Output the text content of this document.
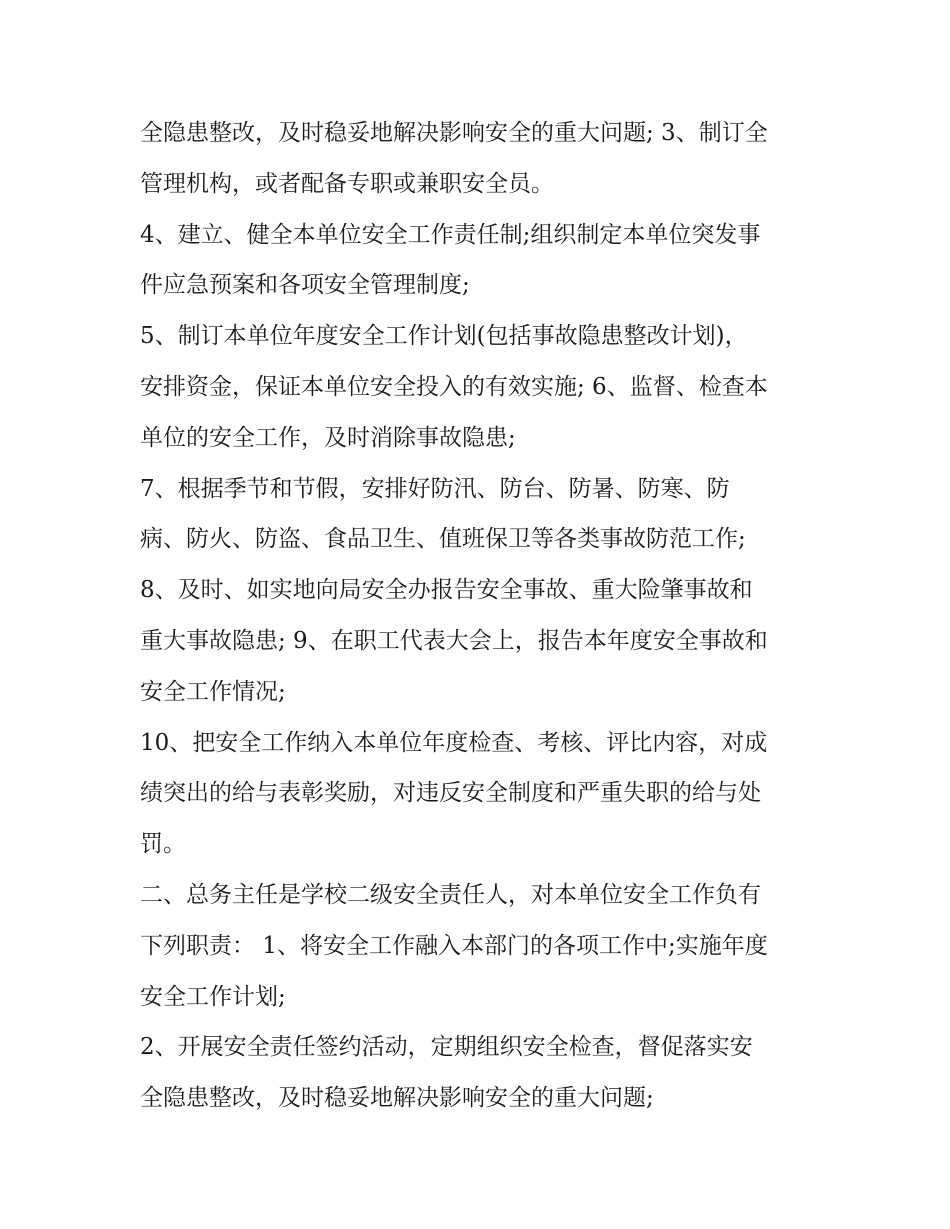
全隐患整改，及时稳妥地解决影响安全的重大问题; 3、制订全
管理机构，或者配备专职或兼职安全员。
4、建立、健全本单位安全工作责任制;组织制定本单位突发事
件应急预案和各项安全管理制度;
5、制订本单位年度安全工作计划(包括事故隐患整改计划)，
安排资金，保证本单位安全投入的有效实施; 6、监督、检查本
单位的安全工作，及时消除事故隐患;
7、根据季节和节假，安排好防汛、防台、防暑、防寒、防
病、防火、防盗、食品卫生、值班保卫等各类事故防范工作;
8、及时、如实地向局安全办报告安全事故、重大险肇事故和
重大事故隐患; 9、在职工代表大会上，报告本年度安全事故和
安全工作情况;
10、把安全工作纳入本单位年度检查、考核、评比内容，对成
绩突出的给与表彰奖励，对违反安全制度和严重失职的给与处
罚。
二、总务主任是学校二级安全责任人，对本单位安全工作负有
下列职责： 1、将安全工作融入本部门的各项工作中;实施年度
安全工作计划;
2、开展安全责任签约活动，定期组织安全检查，督促落实安
全隐患整改，及时稳妥地解决影响安全的重大问题;
